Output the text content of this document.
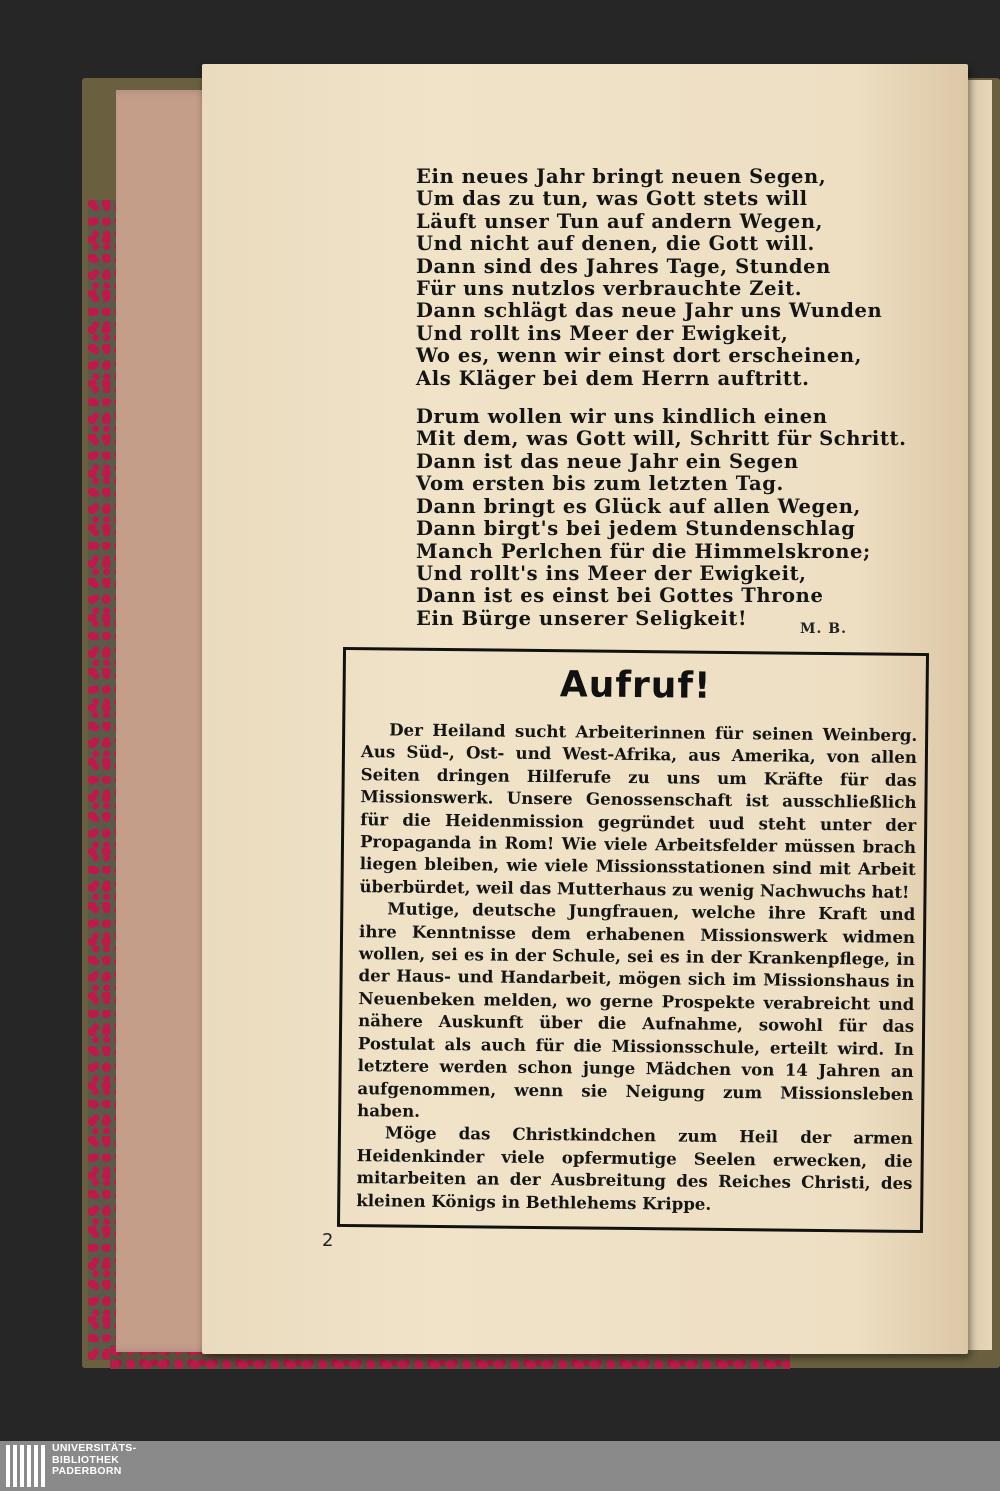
Ein neues Jahr bringt neuen Segen,
Um das zu tun, was Gott stets will
Läuft unser Tun auf andern Wegen,
Und nicht auf denen, die Gott will.
Dann sind des Jahres Tage, Stunden
Für uns nutzlos verbrauchte Zeit.
Dann schlägt das neue Jahr uns Wunden
Und rollt ins Meer der Ewigkeit,
Wo es, wenn wir einst dort erscheinen,
Als Kläger bei dem Herrn auftritt.
Drum wollen wir uns kindlich einen
Mit dem, was Gott will, Schritt für Schritt.
Dann ist das neue Jahr ein Segen
Vom ersten bis zum letzten Tag.
Dann bringt es Glück auf allen Wegen,
Dann birgt's bei jedem Stundenschlag
Manch Perlchen für die Himmelskrone;
Und rollt's ins Meer der Ewigkeit,
Dann ist es einst bei Gottes Throne
Ein Bürge unserer Seligkeit!	M. B.
Aufruf!

Der Heiland sucht Arbeiterinnen für seinen Weinberg. Aus Süd-, Ost- und West-Afrika, aus Amerika, von allen Seiten dringen Hilferufe zu uns um Kräfte für das Missionswerk. Unsere Genossenschaft ist ausschließlich für die Heidenmission gegründet uud steht unter der Propaganda in Rom! Wie viele Arbeitsfelder müssen brach liegen bleiben, wie viele Missionsstationen sind mit Arbeit überbürdet, weil das Mutterhaus zu wenig Nachwuchs hat!

Mutige, deutsche Jungfrauen, welche ihre Kraft und ihre Kenntnisse dem erhabenen Missionswerk widmen wollen, sei es in der Schule, sei es in der Krankenpflege, in der Haus- und Handarbeit, mögen sich im Missionshaus in Neuenbeken melden, wo gerne Prospekte verabreicht und nähere Auskunft über die Aufnahme, sowohl für das Postulat als auch für die Missionsschule, erteilt wird. In letztere werden schon junge Mädchen von 14 Jahren an aufgenommen, wenn sie Neigung zum Missionsleben haben.

Möge das Christkindchen zum Heil der armen Heidenkinder viele opfermutige Seelen erwecken, die mitarbeiten an der Ausbreitung des Reiches Christi, des kleinen Königs in Bethlehems Krippe.

2
UNIVERSITÄTS-
BIBLIOTHEK
PADERBORN
